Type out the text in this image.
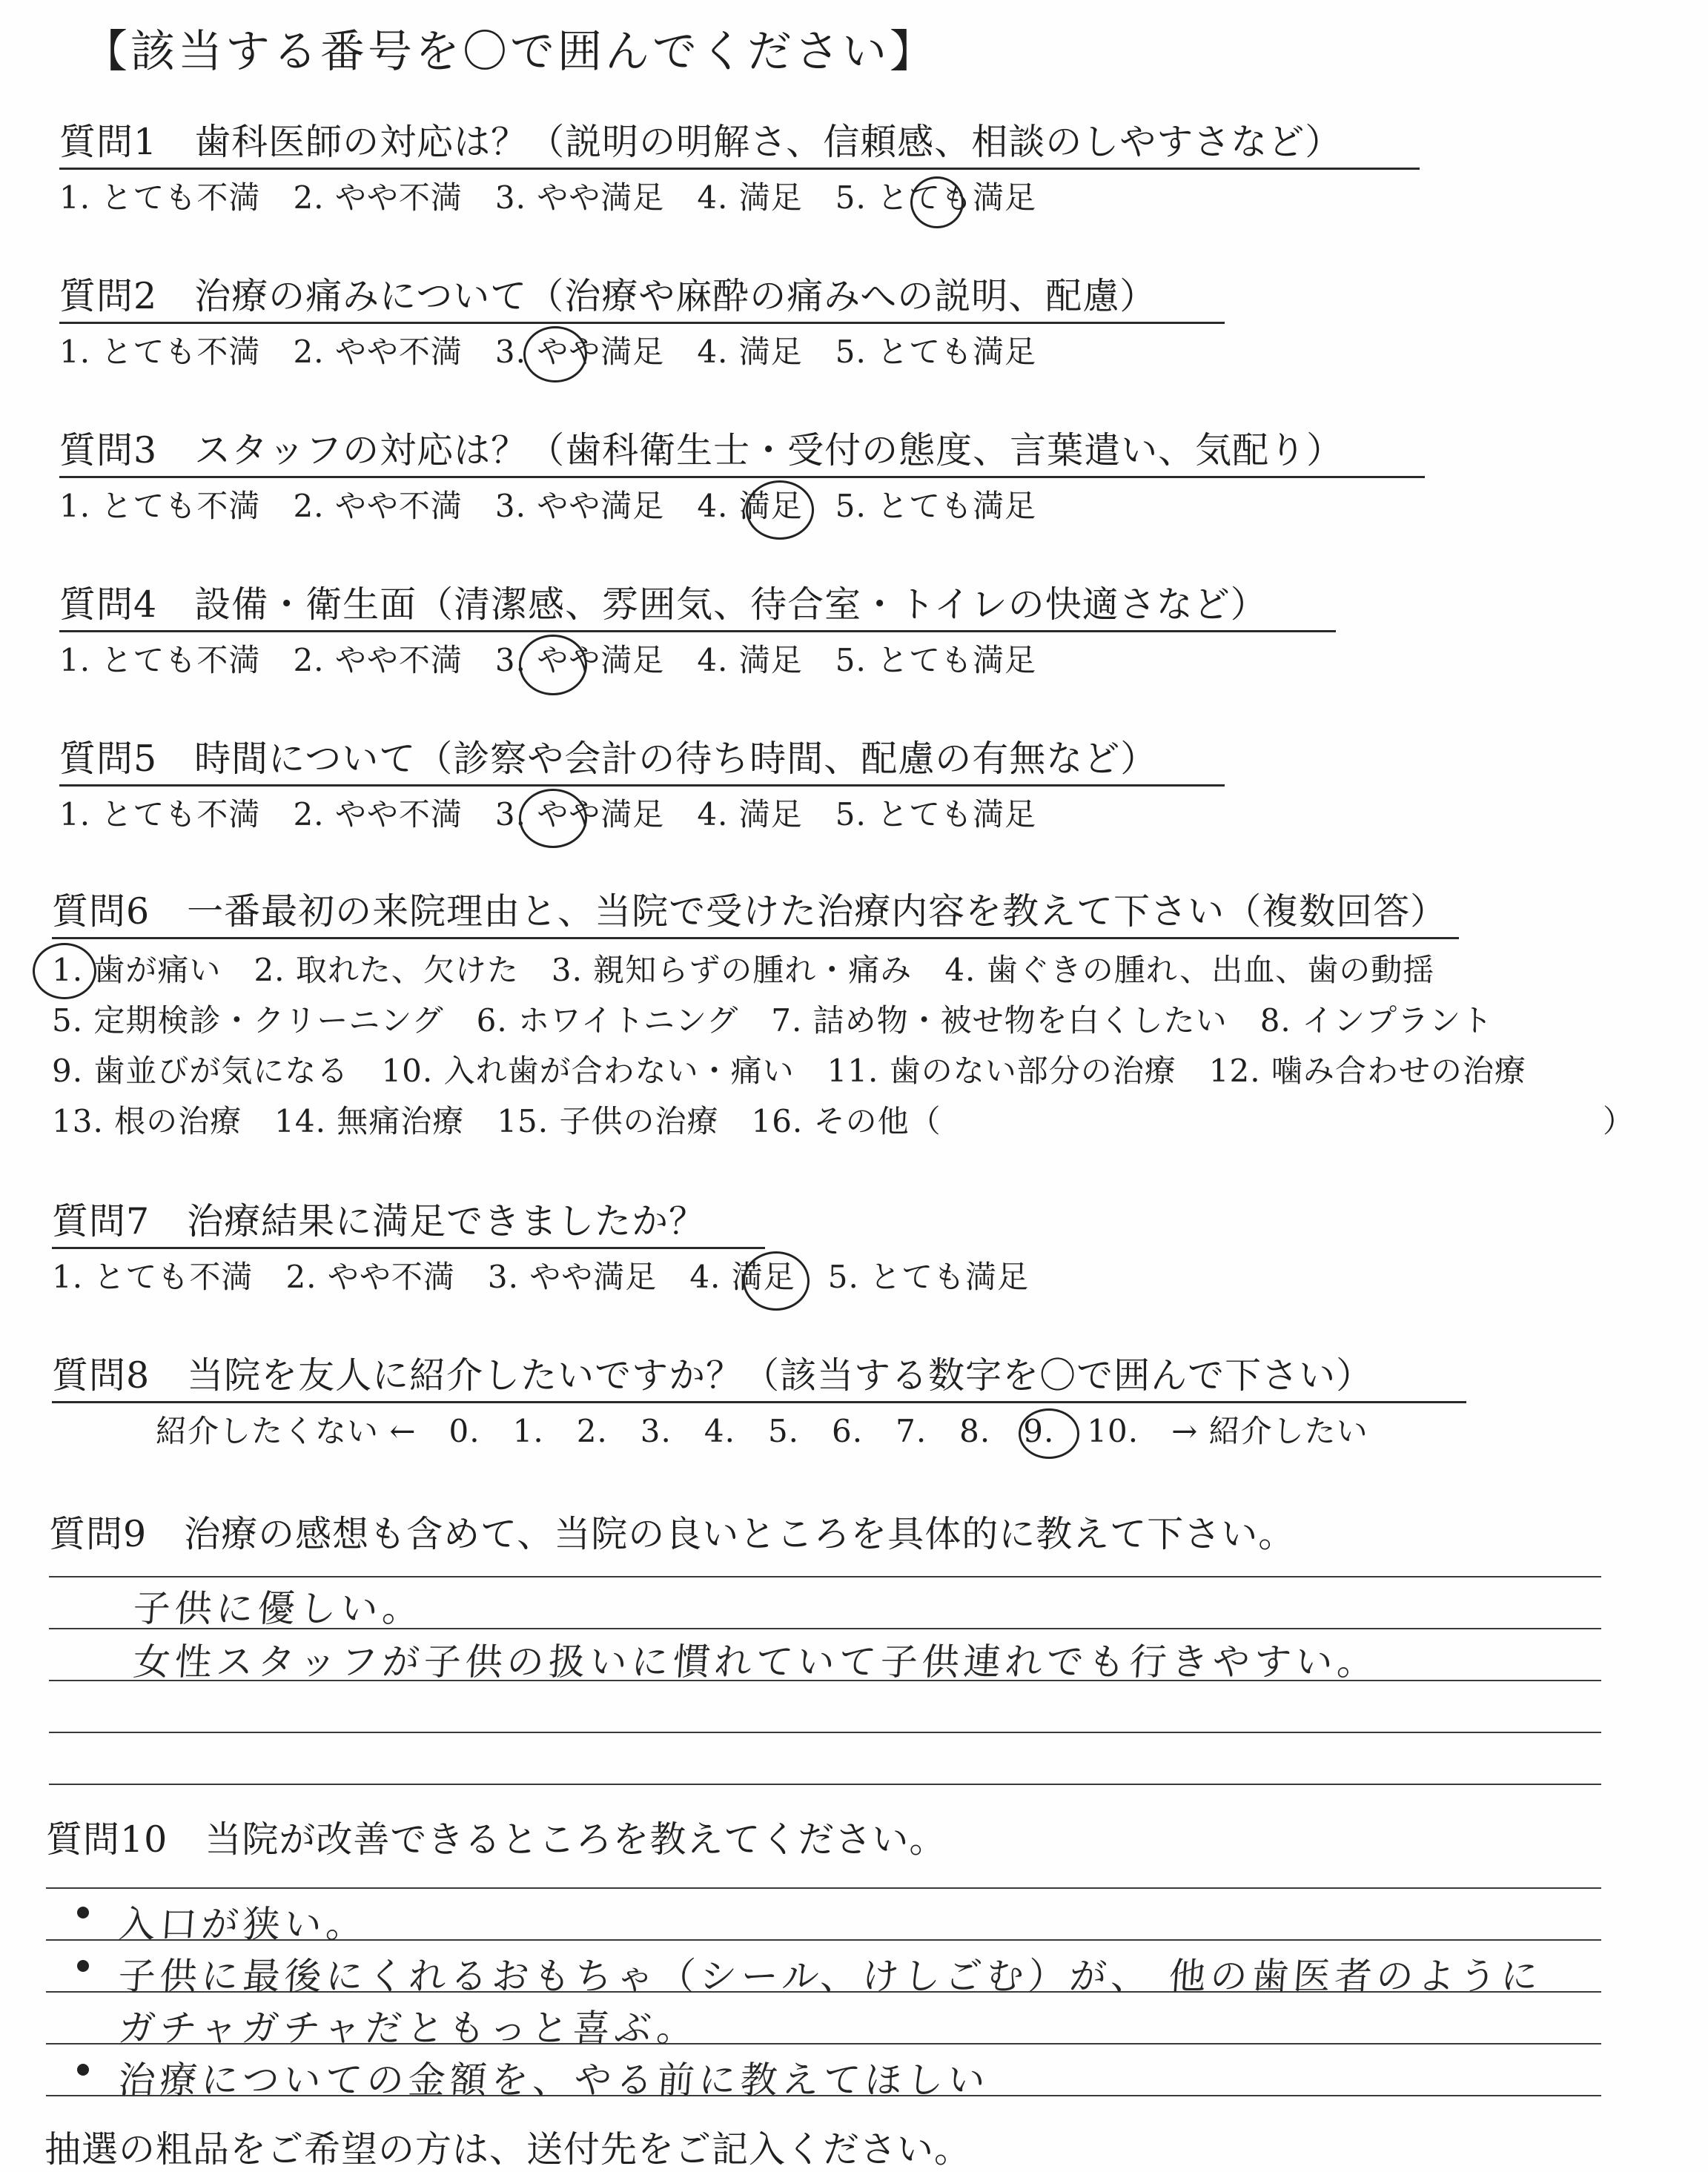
【該当する番号を〇で囲んでください】
質問1　歯科医師の対応は？（説明の明解さ、信頼感、相談のしやすさなど）
1. とても不満 2. やや不満 3. やや満足 4. 満足 5. とても満足
質問2　治療の痛みについて（治療や麻酔の痛みへの説明、配慮）
1. とても不満 2. やや不満 3. やや満足 4. 満足 5. とても満足
質問3　スタッフの対応は？（歯科衛生士・受付の態度、言葉遣い、気配り）
1. とても不満 2. やや不満 3. やや満足 4. 満足 5. とても満足
質問4　設備・衛生面（清潔感、雰囲気、待合室・トイレの快適さなど）
1. とても不満 2. やや不満 3. やや満足 4. 満足 5. とても満足
質問5　時間について（診察や会計の待ち時間、配慮の有無など）
1. とても不満 2. やや不満 3. やや満足 4. 満足 5. とても満足
質問6　一番最初の来院理由と、当院で受けた治療内容を教えて下さい（複数回答）
1. 歯が痛い 2. 取れた、欠けた 3. 親知らずの腫れ・痛み 4. 歯ぐきの腫れ、出血、歯の動揺
5. 定期検診・クリーニング 6. ホワイトニング 7. 詰め物・被せ物を白くしたい 8. インプラント
9. 歯並びが気になる 10. 入れ歯が合わない・痛い 11. 歯のない部分の治療 12. 噛み合わせの治療
13. 根の治療 14. 無痛治療 15. 子供の治療 16. その他（	）
質問7　治療結果に満足できましたか？
1. とても不満 2. やや不満 3. やや満足 4. 満足 5. とても満足
質問8　当院を友人に紹介したいですか？（該当する数字を〇で囲んで下さい）
紹介したくない ← 0. 1. 2. 3. 4. 5. 6. 7. 8. 9. 10. → 紹介したい
質問9　治療の感想も含めて、当院の良いところを具体的に教えて下さい。
子供に優しい。
女性スタッフが子供の扱いに慣れていて子供連れでも行きやすい。
質問10　当院が改善できるところを教えてください。
入口が狭い。
子供に最後にくれるおもちゃ（シール、けしごむ）が、 他の歯医者のように
ガチャガチャだともっと喜ぶ。
治療についての金額を、やる前に教えてほしい
抽選の粗品をご希望の方は、送付先をご記入ください。
